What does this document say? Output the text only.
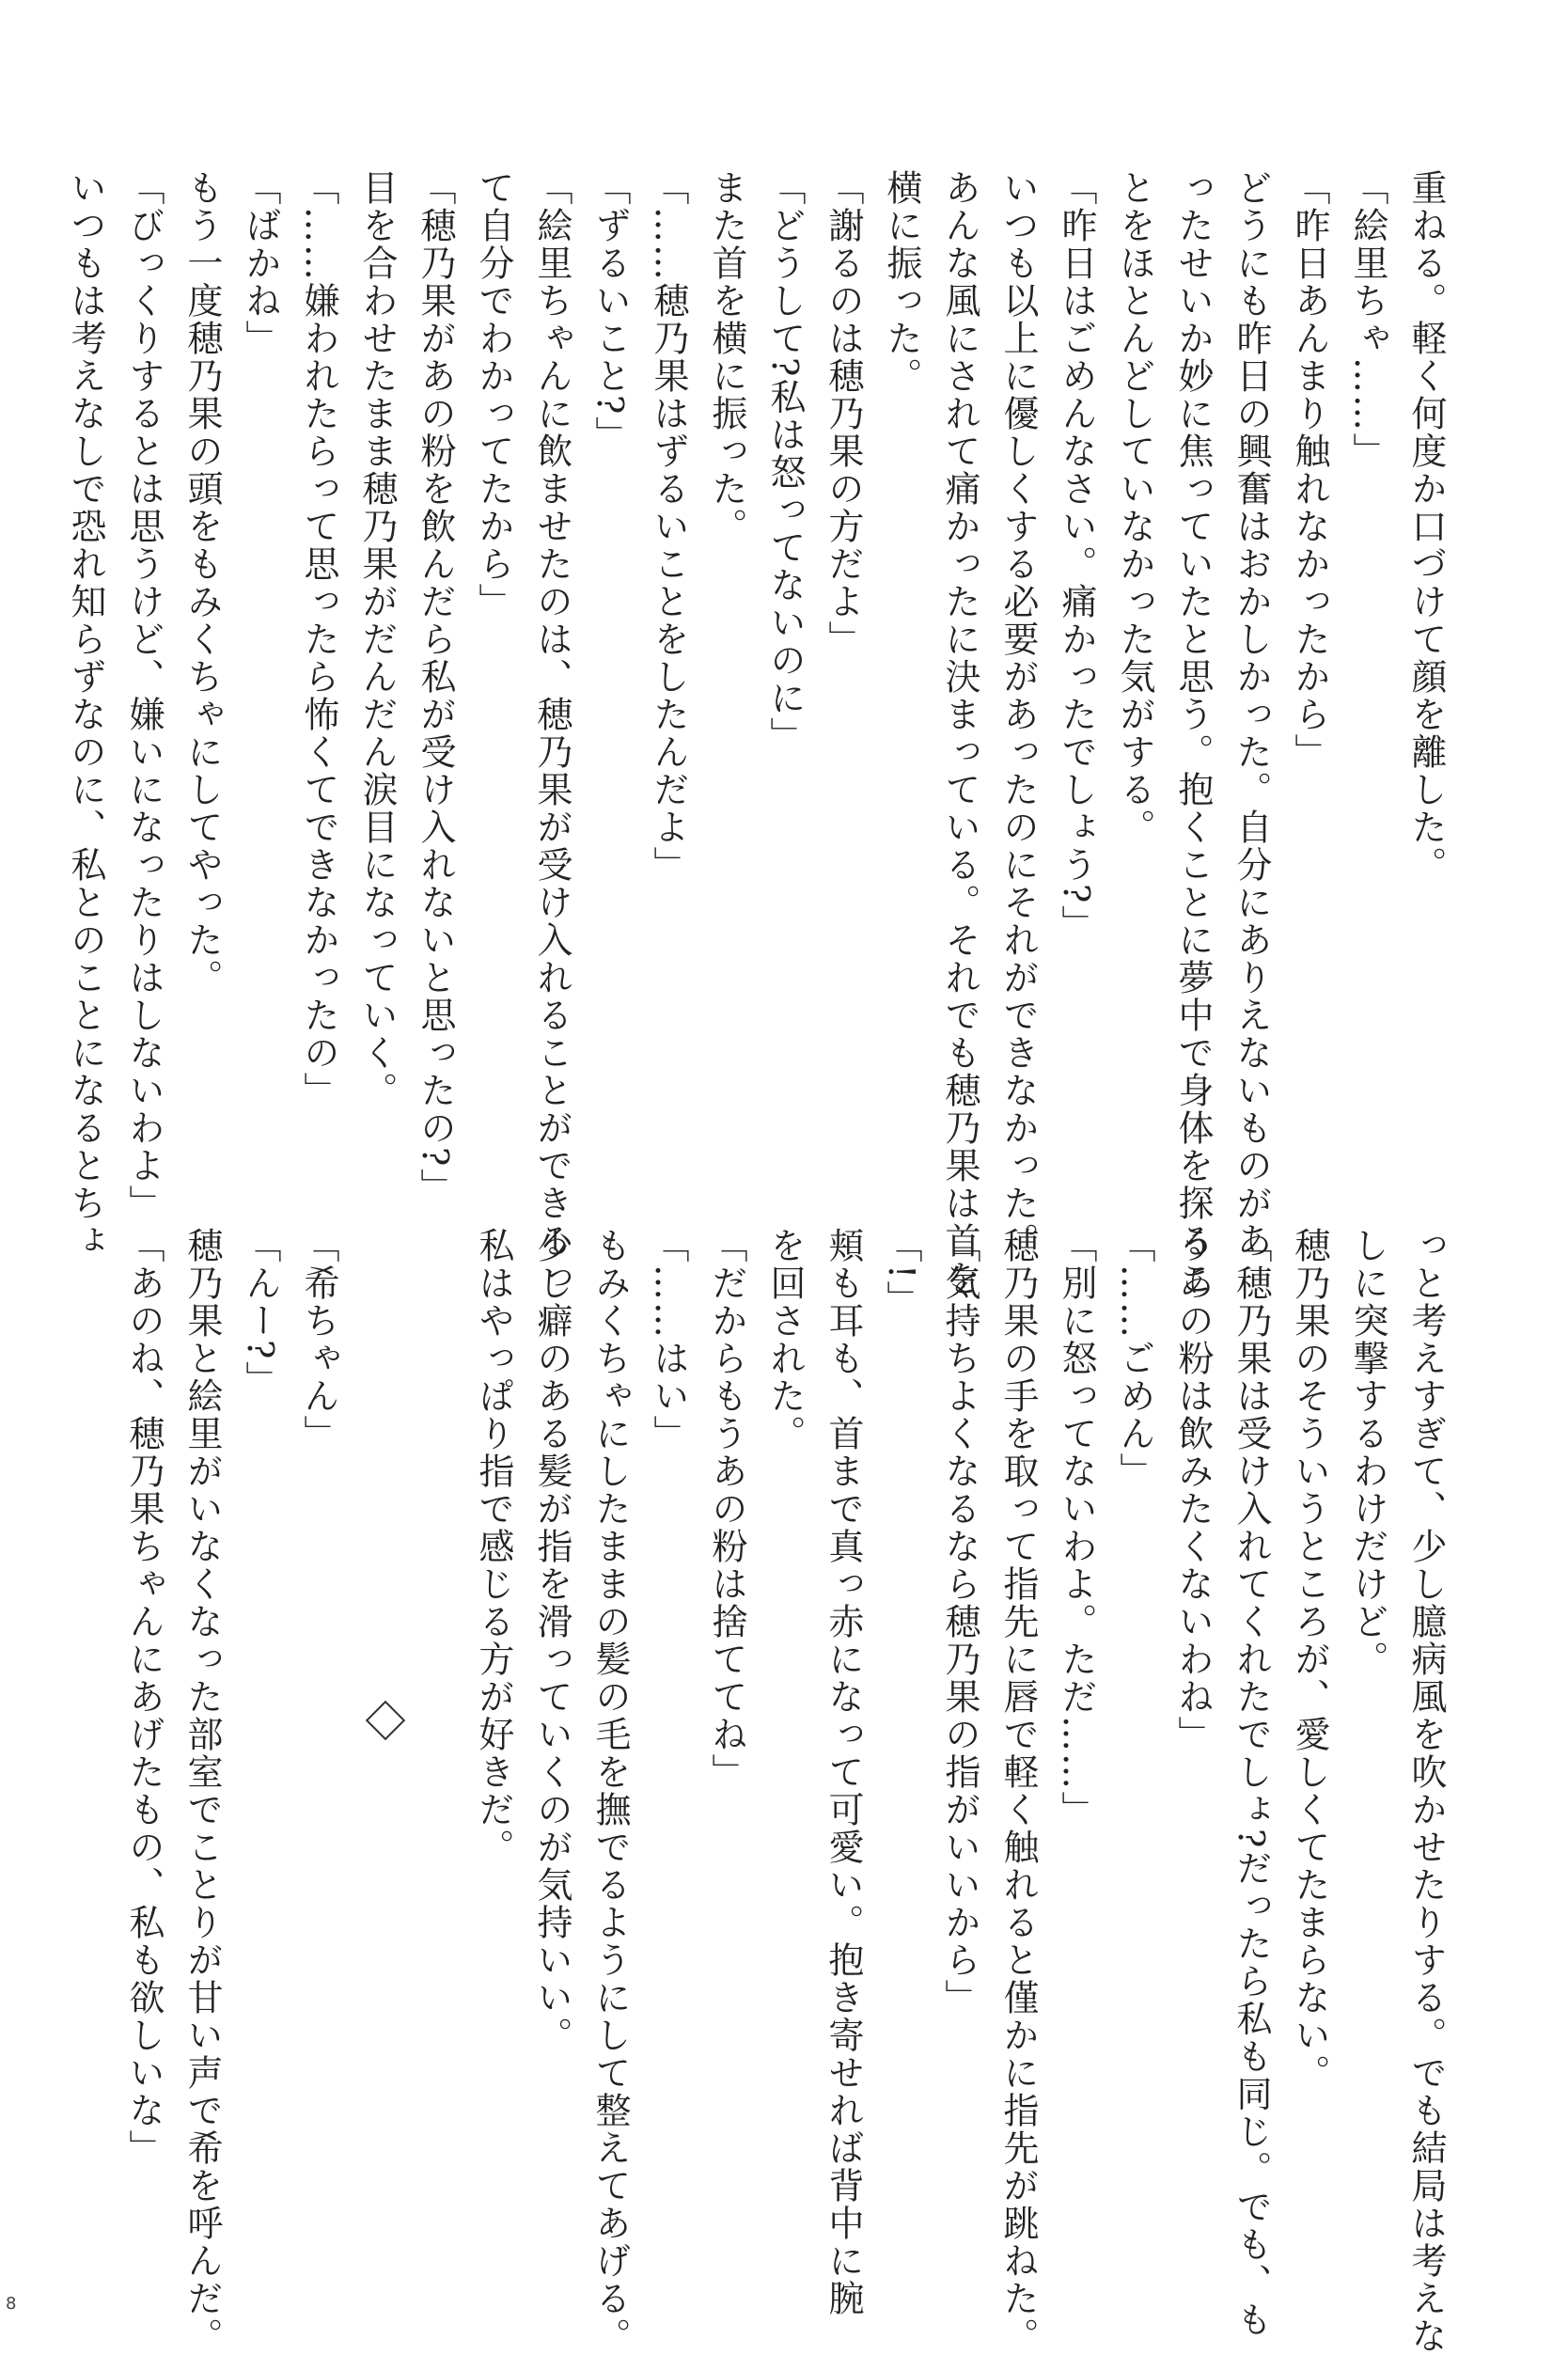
重ねる。軽く何度か口づけて顔を離した。

「絵里ちゃ……」

「昨日あんまり触れなかったから」

どうにも昨日の興奮はおかしかった。自分にありえないものがあ

ったせいか妙に焦っていたと思う。抱くことに夢中で身体を探るこ

とをほとんどしていなかった気がする。

「昨日はごめんなさい。痛かったでしょう?」

いつも以上に優しくする必要があったのにそれができなかった。

あんな風にされて痛かったに決まっている。それでも穂乃果は首を

横に振った。

「謝るのは穂乃果の方だよ」

「どうして?私は怒ってないのに」

また首を横に振った。

「……穂乃果はずるいことをしたんだよ」

「ずるいこと?」

「絵里ちゃんに飲ませたのは、穂乃果が受け入れることができるっ

て自分でわかってたから」

「穂乃果があの粉を飲んだら私が受け入れないと思ったの?」

目を合わせたまま穂乃果がだんだん涙目になっていく。

「……嫌われたらって思ったら怖くてできなかったの」

「ばかね」

もう一度穂乃果の頭をもみくちゃにしてやった。

「びっくりするとは思うけど、嫌いになったりはしないわよ」

いつもは考えなしで恐れ知らずなのに、私とのことになるとちょ

っと考えすぎて、少し臆病風を吹かせたりする。でも結局は考えな

しに突撃するわけだけど。

穂乃果のそういうところが、愛しくてたまらない。

「穂乃果は受け入れてくれたでしょ?だったら私も同じ。でも、も

うあの粉は飲みたくないわね」

「……ごめん」

「別に怒ってないわよ。ただ……」

穂乃果の手を取って指先に唇で軽く触れると僅かに指先が跳ねた。

「気持ちよくなるなら穂乃果の指がいいから」

「!」

頬も耳も、首まで真っ赤になって可愛い。抱き寄せれば背中に腕

を回された。

「だからもうあの粉は捨ててね」

「……はい」

もみくちゃにしたままの髪の毛を撫でるようにして整えてあげる。

少し癖のある髪が指を滑っていくのが気持いい。

私はやっぱり指で感じる方が好きだ。

「希ちゃん」

「んー?」

穂乃果と絵里がいなくなった部室でことりが甘い声で希を呼んだ。

「あのね、穂乃果ちゃんにあげたもの、私も欲しいな」

8
